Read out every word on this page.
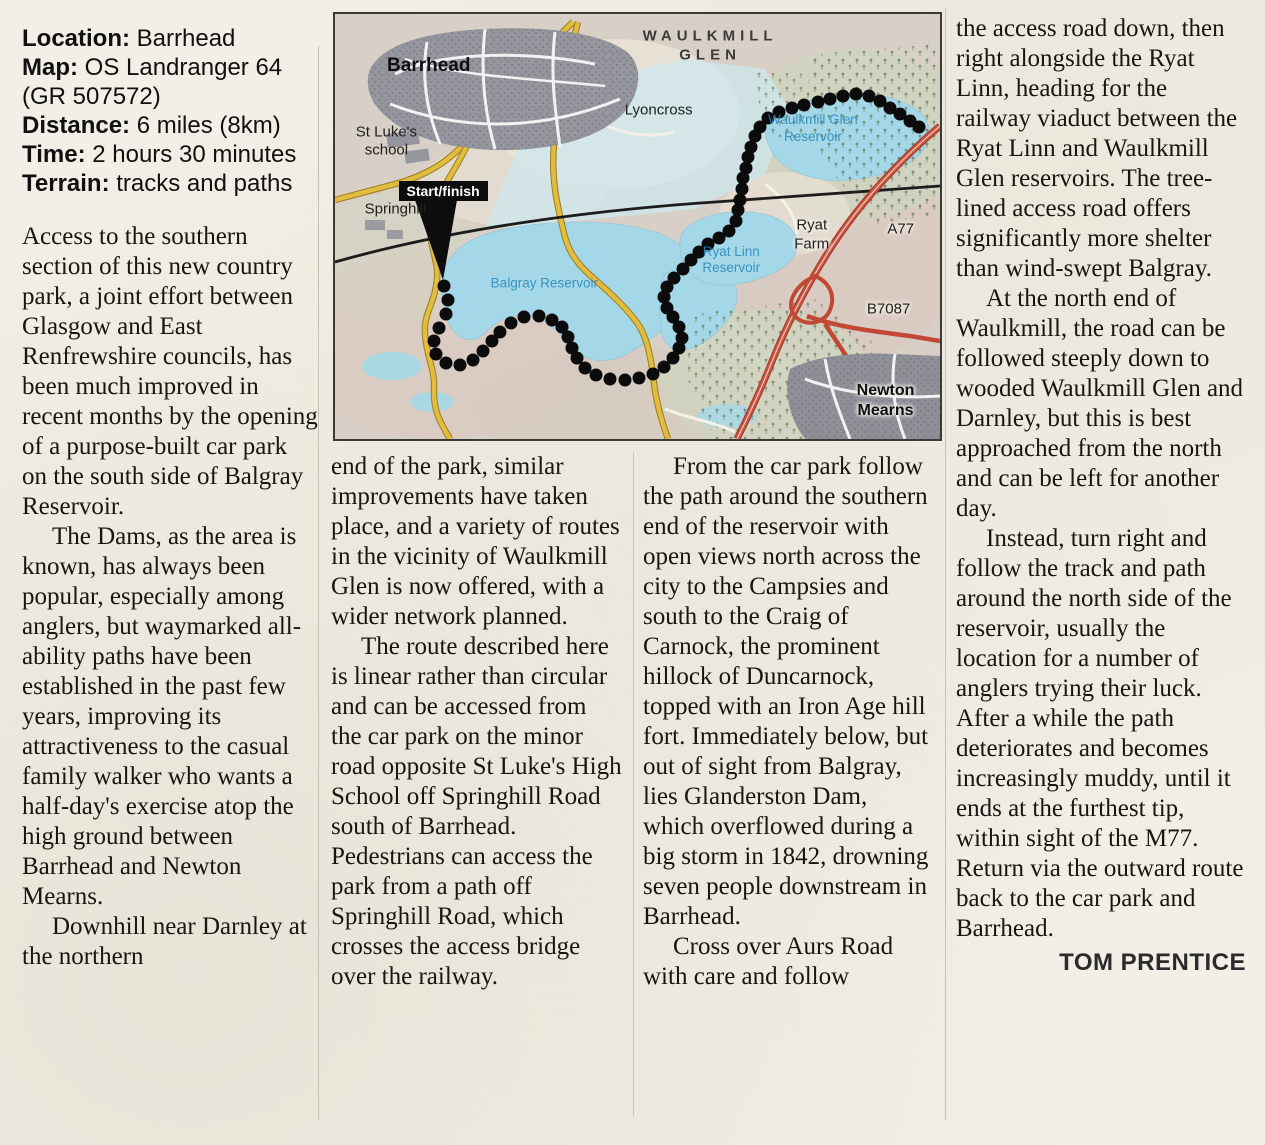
Location: Barrhead
Map: OS Landranger 64 (GR 507572)
Distance: 6 miles (8km)
Time: 2 hours 30 minutes
Terrain: tracks and paths

Access to the southern section of this new country park, a joint effort between Glasgow and East Renfrewshire councils, has been much improved in recent months by the opening of a purpose-built car park on the south side of Balgray Reservoir.

The Dams, as the area is known, has always been popular, especially among anglers, but waymarked all-ability paths have been established in the past few years, improving its attractiveness to the casual family walker who wants a half-day's exercise atop the high ground between Barrhead and Newton Mearns.

Downhill near Darnley at the northern

end of the park, similar improvements have taken place, and a variety of routes in the vicinity of Waulkmill Glen is now offered, with a wider network planned.

The route described here is linear rather than circular and can be accessed from the car park on the minor road opposite St Luke's High School off Springhill Road south of Barrhead. Pedestrians can access the park from a path off Springhill Road, which crosses the access bridge over the railway.

From the car park follow the path around the southern end of the reservoir with open views north across the city to the Campsies and south to the Craig of Carnock, the prominent hillock of Duncarnock, topped with an Iron Age hill fort. Immediately below, but out of sight from Balgray, lies Glanderston Dam, which overflowed during a big storm in 1842, drowning seven people downstream in Barrhead.

Cross over Aurs Road with care and follow

the access road down, then right alongside the Ryat Linn, heading for the railway viaduct between the Ryat Linn and Waulkmill Glen reservoirs. The tree-lined access road offers significantly more shelter than wind-swept Balgray.

At the north end of Waulkmill, the road can be followed steeply down to wooded Waulkmill Glen and Darnley, but this is best approached from the north and can be left for another day.

Instead, turn right and follow the track and path around the north side of the reservoir, usually the location for a number of anglers trying their luck. After a while the path deteriorates and becomes increasingly muddy, until it ends at the furthest tip, within sight of the M77. Return via the outward route back to the car park and Barrhead.

TOM PRENTICE
WAULKMILL
GLEN
Barrhead
Lyoncross
St Luke's
school
Springhill
Start/finish
Balgray Reservoir
Ryat Linn
Reservoir
Waulkmill Glen
Reservoir
Ryat
Farm
A77
B7087
Newton
Mearns
